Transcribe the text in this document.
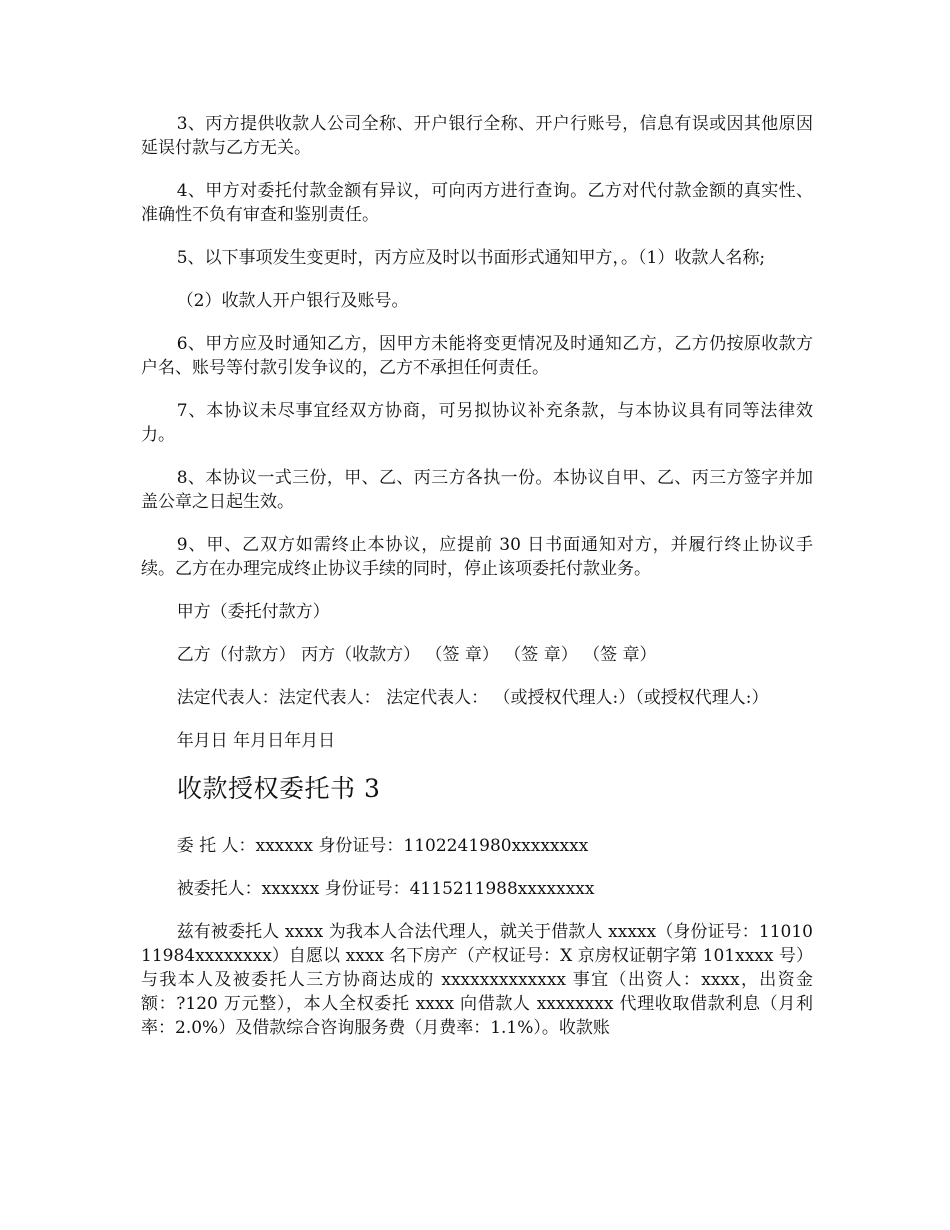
3、丙方提供收款人公司全称、开户银行全称、开户行账号，信息有误或因其他原因延误付款与乙方无关。

4、甲方对委托付款金额有异议，可向丙方进行查询。乙方对代付款金额的真实性、准确性不负有审查和鉴别责任。

5、以下事项发生变更时，丙方应及时以书面形式通知甲方，。（1）收款人名称;

（2）收款人开户银行及账号。

6、甲方应及时通知乙方，因甲方未能将变更情况及时通知乙方，乙方仍按原收款方户名、账号等付款引发争议的，乙方不承担任何责任。

7、本协议未尽事宜经双方协商，可另拟协议补充条款，与本协议具有同等法律效力。

8、本协议一式三份，甲、乙、丙三方各执一份。本协议自甲、乙、丙三方签字并加盖公章之日起生效。

9、甲、乙双方如需终止本协议，应提前 30 日书面通知对方，并履行终止协议手续。乙方在办理完成终止协议手续的同时，停止该项委托付款业务。

甲方（委托付款方）

乙方（付款方） 丙方（收款方） （签 章） （签 章） （签 章）

法定代表人：法定代表人： 法定代表人： （或授权代理人:）（或授权代理人:）

年月日 年月日年月日

收款授权委托书 3

委 托 人：xxxxxx 身份证号：1102241980xxxxxxxx

被委托人：xxxxxx 身份证号：4115211988xxxxxxxx

兹有被委托人 xxxx 为我本人合法代理人，就关于借款人 xxxxx（身份证号：1101011984xxxxxxxx）自愿以 xxxx 名下房产（产权证号：X 京房权证朝字第 101xxxx 号）与我本人及被委托人三方协商达成的 xxxxxxxxxxxxx 事宜（出资人：xxxx，出资金额：?120 万元整），本人全权委托 xxxx 向借款人 xxxxxxxx 代理收取借款利息（月利率：2.0%）及借款综合咨询服务费（月费率：1.1%）。收款账
